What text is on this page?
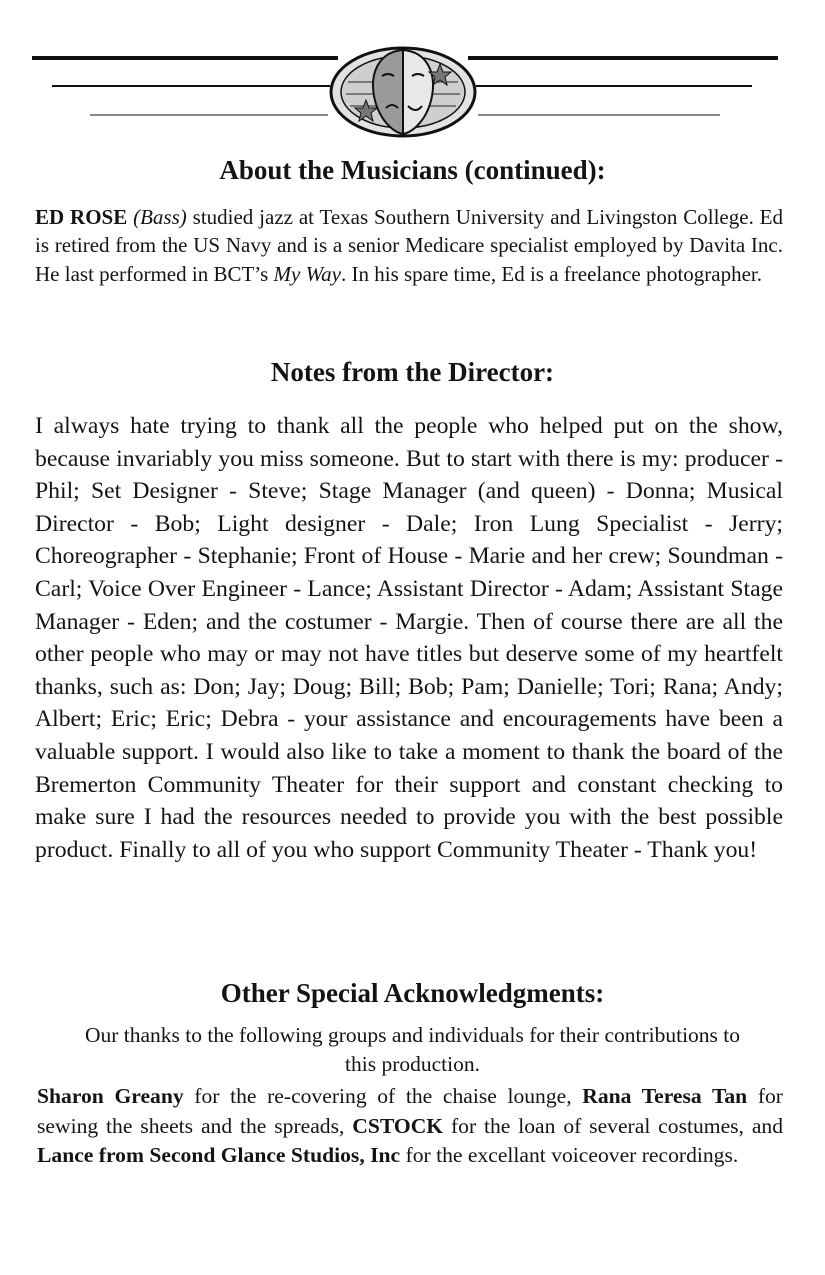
About the Musicians (continued):

ED ROSE (Bass) studied jazz at Texas Southern University and Livingston College. Ed is retired from the US Navy and is a senior Medicare specialist employed by Davita Inc. He last performed in BCT’s My Way. In his spare time, Ed is a freelance photographer.

Notes from the Director:

I always hate trying to thank all the people who helped put on the show, because invariably you miss someone. But to start with there is my: producer - Phil; Set Designer - Steve; Stage Manager (and queen) - Donna; Musical Director - Bob; Light designer - Dale; Iron Lung Specialist - Jerry; Choreographer - Stephanie; Front of House - Marie and her crew; Soundman - Carl; Voice Over Engineer - Lance; Assistant Director - Adam; Assistant Stage Manager - Eden; and the costumer - Margie. Then of course there are all the other people who may or may not have titles but deserve some of my heartfelt thanks, such as: Don; Jay; Doug; Bill; Bob; Pam; Danielle; Tori; Rana; Andy; Albert; Eric; Eric; Debra - your assistance and encouragements have been a valuable support. I would also like to take a moment to thank the board of the Bremerton Community Theater for their support and constant checking to make sure I had the resources needed to provide you with the best possible product. Finally to all of you who support Community Theater - Thank you!

Other Special Acknowledgments:

Our thanks to the following groups and individuals for their contributions to this production.

Sharon Greany for the re-covering of the chaise lounge, Rana Teresa Tan for sewing the sheets and the spreads, CSTOCK for the loan of several costumes, and Lance from Second Glance Studios, Inc for the excellant voiceover recordings.
